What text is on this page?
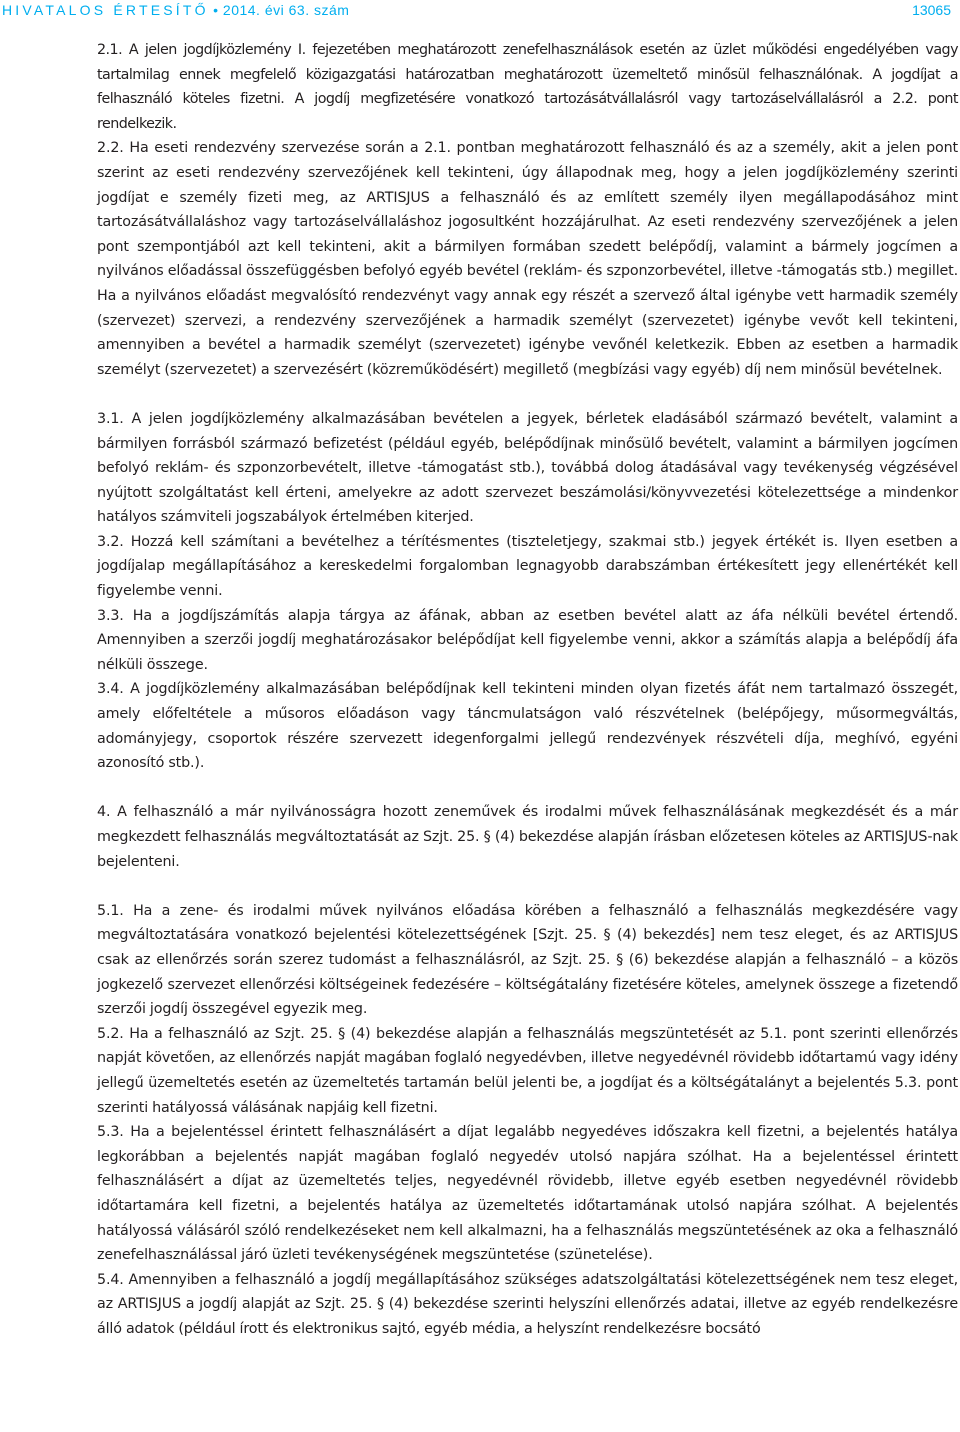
HIVATALOS ÉRTESÍTŐ • 2014. évi 63. szám	13065

2.1. A jelen jogdíjközlemény I. fejezetében meghatározott zenefelhasználások esetén az üzlet működési engedélyében vagy tartalmilag ennek megfelelő közigazgatási határozatban meghatározott üzemeltető minősül felhasználónak. A jogdíjat a felhasználó köteles fizetni. A jogdíj megfizetésére vonatkozó tartozásátvállalásról vagy tartozáselvállalásról a 2.2. pont rendelkezik.

2.2. Ha eseti rendezvény szervezése során a 2.1. pontban meghatározott felhasználó és az a személy, akit a jelen pont szerint az eseti rendezvény szervezőjének kell tekinteni, úgy állapodnak meg, hogy a jelen jogdíjközlemény szerinti jogdíjat e személy fizeti meg, az ARTISJUS a felhasználó és az említett személy ilyen megállapodásához mint tartozásátvállaláshoz vagy tartozáselvállaláshoz jogosultként hozzájárulhat. Az eseti rendezvény szervezőjének a jelen pont szempontjából azt kell tekinteni, akit a bármilyen formában szedett belépődíj, valamint a bármely jogcímen a nyilvános előadással összefüggésben befolyó egyéb bevétel (reklám- és szponzorbevétel, illetve -támogatás stb.) megillet. Ha a nyilvános előadást megvalósító rendezvényt vagy annak egy részét a szervező által igénybe vett harmadik személy (szervezet) szervezi, a rendezvény szervezőjének a harmadik személyt (szervezetet) igénybe vevőt kell tekinteni, amennyiben a bevétel a harmadik személyt (szervezetet) igénybe vevőnél keletkezik. Ebben az esetben a harmadik személyt (szervezetet) a szervezésért (közreműködésért) megillető (megbízási vagy egyéb) díj nem minősül bevételnek.

3.1. A jelen jogdíjközlemény alkalmazásában bevételen a jegyek, bérletek eladásából származó bevételt, valamint a bármilyen forrásból származó befizetést (például egyéb, belépődíjnak minősülő bevételt, valamint a bármilyen jogcímen befolyó reklám- és szponzorbevételt, illetve -támogatást stb.), továbbá dolog átadásával vagy tevékenység végzésével nyújtott szolgáltatást kell érteni, amelyekre az adott szervezet beszámolási/könyvvezetési kötelezettsége a mindenkor hatályos számviteli jogszabályok értelmében kiterjed.

3.2. Hozzá kell számítani a bevételhez a térítésmentes (tiszteletjegy, szakmai stb.) jegyek értékét is. Ilyen esetben a jogdíjalap megállapításához a kereskedelmi forgalomban legnagyobb darabszámban értékesített jegy ellenértékét kell figyelembe venni.

3.3. Ha a jogdíjszámítás alapja tárgya az áfának, abban az esetben bevétel alatt az áfa nélküli bevétel értendő. Amennyiben a szerzői jogdíj meghatározásakor belépődíjat kell figyelembe venni, akkor a számítás alapja a belépődíj áfa nélküli összege.

3.4. A jogdíjközlemény alkalmazásában belépődíjnak kell tekinteni minden olyan fizetés áfát nem tartalmazó összegét, amely előfeltétele a műsoros előadáson vagy táncmulatságon való részvételnek (belépőjegy, műsormegváltás, adományjegy, csoportok részére szervezett idegenforgalmi jellegű rendezvények részvételi díja, meghívó, egyéni azonosító stb.).

4. A felhasználó a már nyilvánosságra hozott zeneművek és irodalmi művek felhasználásának megkezdését és a már megkezdett felhasználás megváltoztatását az Szjt. 25. § (4) bekezdése alapján írásban előzetesen köteles az ARTISJUS-nak bejelenteni.

5.1. Ha a zene- és irodalmi művek nyilvános előadása körében a felhasználó a felhasználás megkezdésére vagy megváltoztatására vonatkozó bejelentési kötelezettségének [Szjt. 25. § (4) bekezdés] nem tesz eleget, és az ARTISJUS csak az ellenőrzés során szerez tudomást a felhasználásról, az Szjt. 25. § (6) bekezdése alapján a felhasználó – a közös jogkezelő szervezet ellenőrzési költségeinek fedezésére – költségátalány fizetésére köteles, amelynek összege a fizetendő szerzői jogdíj összegével egyezik meg.

5.2. Ha a felhasználó az Szjt. 25. § (4) bekezdése alapján a felhasználás megszüntetését az 5.1. pont szerinti ellenőrzés napját követően, az ellenőrzés napját magában foglaló negyedévben, illetve negyedévnél rövidebb időtartamú vagy idény jellegű üzemeltetés esetén az üzemeltetés tartamán belül jelenti be, a jogdíjat és a költségátalányt a bejelentés 5.3. pont szerinti hatályossá válásának napjáig kell fizetni.

5.3. Ha a bejelentéssel érintett felhasználásért a díjat legalább negyedéves időszakra kell fizetni, a bejelentés hatálya legkorábban a bejelentés napját magában foglaló negyedév utolsó napjára szólhat. Ha a bejelentéssel érintett felhasználásért a díjat az üzemeltetés teljes, negyedévnél rövidebb, illetve egyéb esetben negyedévnél rövidebb időtartamára kell fizetni, a bejelentés hatálya az üzemeltetés időtartamának utolsó napjára szólhat. A bejelentés hatályossá válásáról szóló rendelkezéseket nem kell alkalmazni, ha a felhasználás megszüntetésének az oka a felhasználó zenefelhasználással járó üzleti tevékenységének megszüntetése (szünetelése).

5.4. Amennyiben a felhasználó a jogdíj megállapításához szükséges adatszolgáltatási kötelezettségének nem tesz eleget, az ARTISJUS a jogdíj alapját az Szjt. 25. § (4) bekezdése szerinti helyszíni ellenőrzés adatai, illetve az egyéb rendelkezésre álló adatok (például írott és elektronikus sajtó, egyéb média, a helyszínt rendelkezésre bocsátó
